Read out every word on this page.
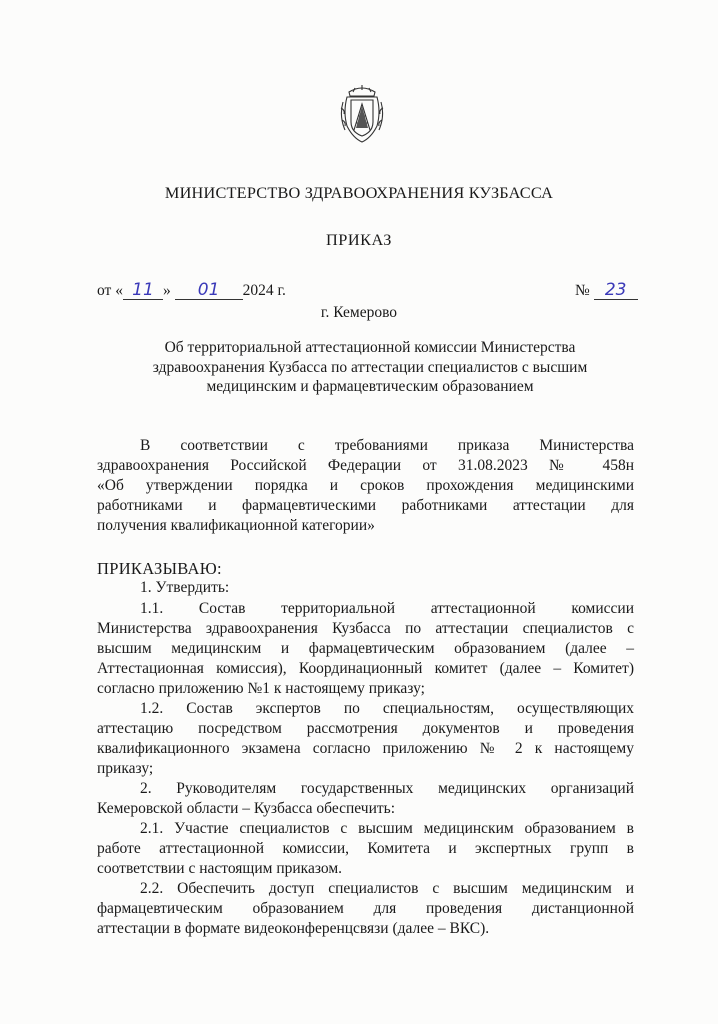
МИНИСТЕРСТВО ЗДРАВООХРАНЕНИЯ КУЗБАССА
ПРИКАЗ
от « 11 » 01 2024 г.	№ 23
г. Кемерово
Об территориальной аттестационной комиссии Министерства здравоохранения Кузбасса по аттестации специалистов с высшим медицинским и фармацевтическим образованием
В соответствии с требованиями приказа Министерства
здравоохранения Российской Федерации от 31.08.2023 № 458н
«Об утверждении порядка и сроков прохождения медицинскими
работниками и фармацевтическими работниками аттестации для
получения квалификационной категории»
ПРИКАЗЫВАЮ:
1. Утвердить:
1.1. Состав территориальной аттестационной комиссии
Министерства здравоохранения Кузбасса по аттестации специалистов с
высшим медицинским и фармацевтическим образованием (далее –
Аттестационная комиссия), Координационный комитет (далее – Комитет)
согласно приложению №1 к настоящему приказу;
1.2. Состав экспертов по специальностям, осуществляющих
аттестацию посредством рассмотрения документов и проведения
квалификационного экзамена согласно приложению № 2 к настоящему
приказу;
2. Руководителям государственных медицинских организаций
Кемеровской области – Кузбасса обеспечить:
2.1. Участие специалистов с высшим медицинским образованием в
работе аттестационной комиссии, Комитета и экспертных групп в
соответствии с настоящим приказом.
2.2. Обеспечить доступ специалистов с высшим медицинским и
фармацевтическим образованием для проведения дистанционной
аттестации в формате видеоконференцсвязи (далее – ВКС).
